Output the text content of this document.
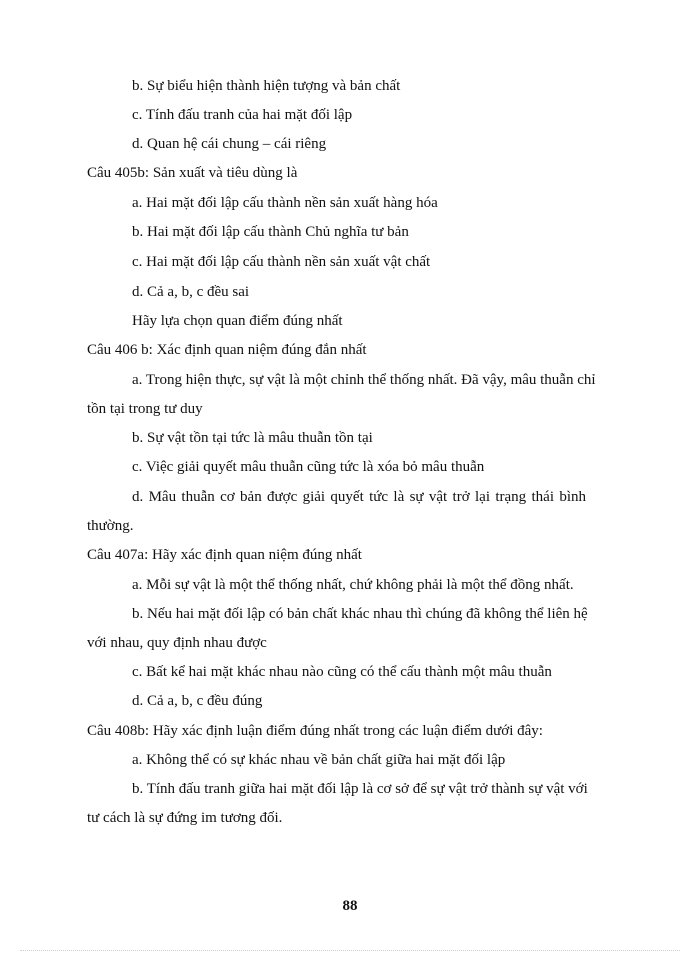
b. Sự biểu hiện thành hiện tượng và bản chất
c. Tính đấu tranh của hai mặt đối lập
d. Quan hệ cái chung – cái riêng
Câu 405b: Sản xuất và tiêu dùng là
a. Hai mặt đối lập cấu thành nền sản xuất hàng hóa
b. Hai mặt đối lập cấu thành Chủ nghĩa tư bản
c. Hai mặt đối lập cấu thành nền sản xuất vật chất
d. Cả a, b, c đều sai
Hãy lựa chọn quan điểm đúng nhất
Câu 406 b: Xác định quan niệm đúng đắn nhất
a. Trong hiện thực, sự vật là một chỉnh thể thống nhất. Đã vậy, mâu thuẫn chỉ
tồn tại trong tư duy
b. Sự vật tồn tại tức là mâu thuẫn tồn tại
c. Việc giải quyết mâu thuẫn cũng tức là xóa bỏ mâu thuẫn
d. Mâu thuẫn cơ bản được giải quyết tức là sự vật trở lại trạng thái bình
thường.
Câu 407a: Hãy xác định quan niệm đúng nhất
a. Mỗi sự vật là một thể thống nhất, chứ không phải là một thể đồng nhất.
b. Nếu hai mặt đối lập có bản chất khác nhau thì chúng đã không thể liên hệ
với nhau, quy định nhau được
c. Bất kể hai mặt khác nhau nào cũng có thể cấu thành một mâu thuẫn
d. Cả a, b, c đều đúng
Câu 408b: Hãy xác định luận điểm đúng nhất trong các luận điểm dưới đây:
a. Không thể có sự khác nhau về bản chất giữa hai mặt đối lập
b. Tính đấu tranh giữa hai mặt đối lập là cơ sở để sự vật trở thành sự vật với
tư cách là sự đứng im tương đối.
88
